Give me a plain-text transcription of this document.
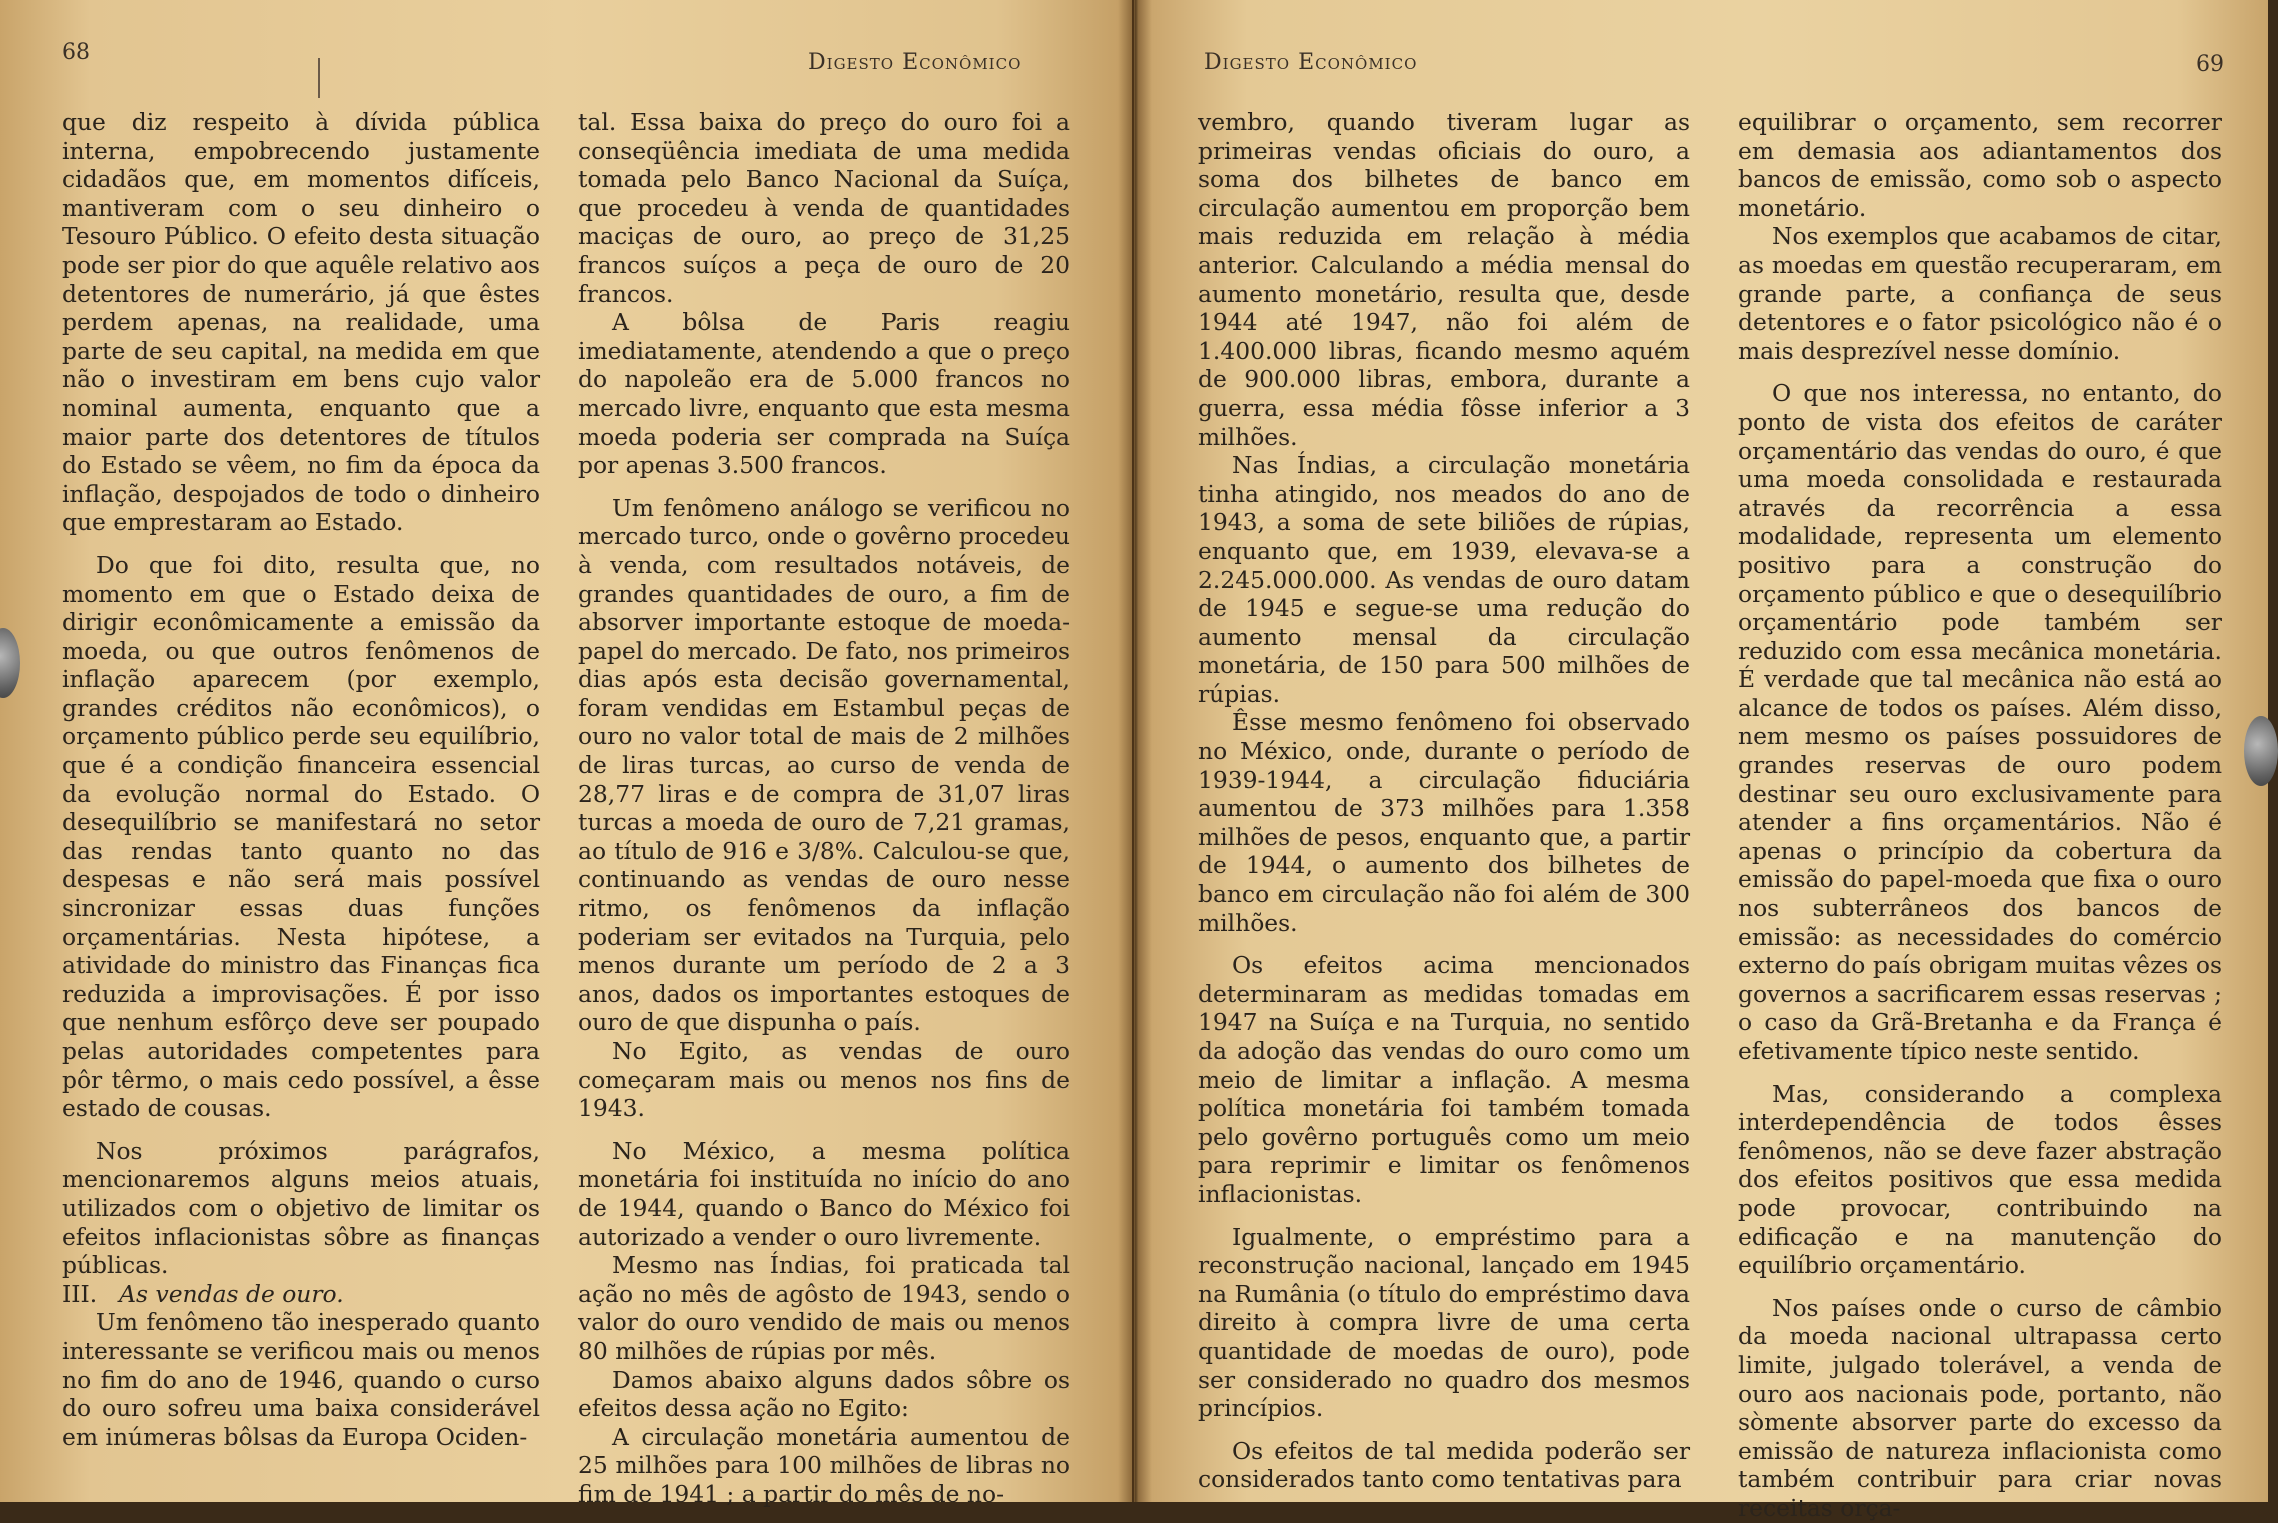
68	Digesto Econômico

que diz respeito à dívida pública interna, empobrecendo justamente cidadãos que, em momentos difíceis, mantiveram com o seu dinheiro o Tesouro Público. O efeito desta situação pode ser pior do que aquêle relativo aos detentores de numerário, já que êstes perdem apenas, na realidade, uma parte de seu capital, na medida em que não o investiram em bens cujo valor nominal aumenta, enquanto que a maior parte dos detentores de títulos do Estado se vêem, no fim da época da inflação, despojados de todo o dinheiro que emprestaram ao Estado.

Do que foi dito, resulta que, no momento em que o Estado deixa de dirigir econômicamente a emissão da moeda, ou que outros fenômenos de inflação aparecem (por exemplo, grandes créditos não econômicos), o orçamento público perde seu equilíbrio, que é a condição financeira essencial da evolução normal do Estado. O desequilíbrio se manifestará no setor das rendas tanto quanto no das despesas e não será mais possível sincronizar essas duas funções orçamentárias. Nesta hipótese, a atividade do ministro das Finanças fica reduzida a improvisações. É por isso que nenhum esfôrço deve ser poupado pelas autoridades competentes para pôr têrmo, o mais cedo possível, a êsse estado de cousas.

Nos próximos parágrafos, mencionaremos alguns meios atuais, utilizados com o objetivo de limitar os efeitos inflacionistas sôbre as finanças públicas.

III. As vendas de ouro.

Um fenômeno tão inesperado quanto interessante se verificou mais ou menos no fim do ano de 1946, quando o curso do ouro sofreu uma baixa considerável em inúmeras bôlsas da Europa Ociden-

tal. Essa baixa do preço do ouro foi a conseqüência imediata de uma medida tomada pelo Banco Nacional da Suíça, que procedeu à venda de quantidades maciças de ouro, ao preço de 31,25 francos suíços a peça de ouro de 20 francos.

A bôlsa de Paris reagiu imediatamente, atendendo a que o preço do napoleão era de 5.000 francos no mercado livre, enquanto que esta mesma moeda poderia ser comprada na Suíça por apenas 3.500 francos.

Um fenômeno análogo se verificou no mercado turco, onde o govêrno procedeu à venda, com resultados notáveis, de grandes quantidades de ouro, a fim de absorver importante estoque de moeda-papel do mercado. De fato, nos primeiros dias após esta decisão governamental, foram vendidas em Estambul peças de ouro no valor total de mais de 2 milhões de liras turcas, ao curso de venda de 28,77 liras e de compra de 31,07 liras turcas a moeda de ouro de 7,21 gramas, ao título de 916 e 3/8%. Calculou-se que, continuando as vendas de ouro nesse ritmo, os fenômenos da inflação poderiam ser evitados na Turquia, pelo menos durante um período de 2 a 3 anos, dados os importantes estoques de ouro de que dispunha o país.

No Egito, as vendas de ouro começaram mais ou menos nos fins de 1943.

No México, a mesma política monetária foi instituída no início do ano de 1944, quando o Banco do México foi autorizado a vender o ouro livremente.

Mesmo nas Índias, foi praticada tal ação no mês de agôsto de 1943, sendo o valor do ouro vendido de mais ou menos 80 milhões de rúpias por mês.

Damos abaixo alguns dados sôbre os efeitos dessa ação no Egito:

A circulação monetária aumentou de 25 milhões para 100 milhões de libras no fim de 1941 ; a partir do mês de no-

Digesto Econômico	69

vembro, quando tiveram lugar as primeiras vendas oficiais do ouro, a soma dos bilhetes de banco em circulação aumentou em proporção bem mais reduzida em relação à média anterior. Calculando a média mensal do aumento monetário, resulta que, desde 1944 até 1947, não foi além de 1.400.000 libras, ficando mesmo aquém de 900.000 libras, embora, durante a guerra, essa média fôsse inferior a 3 milhões.

Nas Índias, a circulação monetária tinha atingido, nos meados do ano de 1943, a soma de sete biliões de rúpias, enquanto que, em 1939, elevava-se a 2.245.000.000. As vendas de ouro datam de 1945 e segue-se uma redução do aumento mensal da circulação monetária, de 150 para 500 milhões de rúpias.

Êsse mesmo fenômeno foi observado no México, onde, durante o período de 1939-1944, a circulação fiduciária aumentou de 373 milhões para 1.358 milhões de pesos, enquanto que, a partir de 1944, o aumento dos bilhetes de banco em circulação não foi além de 300 milhões.

Os efeitos acima mencionados determinaram as medidas tomadas em 1947 na Suíça e na Turquia, no sentido da adoção das vendas do ouro como um meio de limitar a inflação. A mesma política monetária foi também tomada pelo govêrno português como um meio para reprimir e limitar os fenômenos inflacionistas.

Igualmente, o empréstimo para a reconstrução nacional, lançado em 1945 na Rumânia (o título do empréstimo dava direito à compra livre de uma certa quantidade de moedas de ouro), pode ser considerado no quadro dos mesmos princípios.

Os efeitos de tal medida poderão ser considerados tanto como tentativas para

equilibrar o orçamento, sem recorrer em demasia aos adiantamentos dos bancos de emissão, como sob o aspecto monetário.

Nos exemplos que acabamos de citar, as moedas em questão recuperaram, em grande parte, a confiança de seus detentores e o fator psicológico não é o mais desprezível nesse domínio.

O que nos interessa, no entanto, do ponto de vista dos efeitos de caráter orçamentário das vendas do ouro, é que uma moeda consolidada e restaurada através da recorrência a essa modalidade, representa um elemento positivo para a construção do orçamento público e que o desequilíbrio orçamentário pode também ser reduzido com essa mecânica monetária. É verdade que tal mecânica não está ao alcance de todos os países. Além disso, nem mesmo os países possuidores de grandes reservas de ouro podem destinar seu ouro exclusivamente para atender a fins orçamentários. Não é apenas o princípio da cobertura da emissão do papel-moeda que fixa o ouro nos subterrâneos dos bancos de emissão: as necessidades do comércio externo do país obrigam muitas vêzes os governos a sacrificarem essas reservas ; o caso da Grã-Bretanha e da França é efetivamente típico neste sentido.

Mas, considerando a complexa interdependência de todos êsses fenômenos, não se deve fazer abstração dos efeitos positivos que essa medida pode provocar, contribuindo na edificação e na manutenção do equilíbrio orçamentário.

Nos países onde o curso de câmbio da moeda nacional ultrapassa certo limite, julgado tolerável, a venda de ouro aos nacionais pode, portanto, não sòmente absorver parte do excesso da emissão de natureza inflacionista como também contribuir para criar novas receitas orça-
